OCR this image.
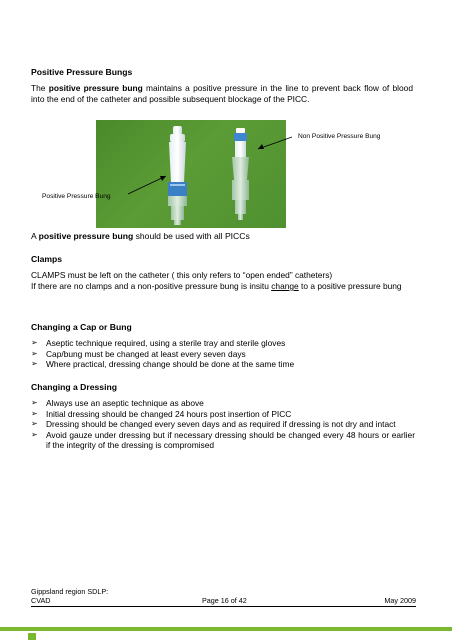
Positive Pressure Bungs
The positive pressure bung maintains a positive pressure in the line to prevent back flow of blood into the end of the catheter and possible subsequent blockage of the PICC.
A positive pressure bung should be used with all PICCs
Clamps
CLAMPS must be left on the catheter ( this only refers to “open ended” catheters)
If there are no clamps and a non-positive pressure bung is insitu change to a positive pressure bung
Changing a Cap or Bung
➢ Aseptic technique required, using a sterile tray and sterile gloves
➢ Cap/bung must be changed at least every seven days
➢ Where practical, dressing change should be done at the same time
Changing a Dressing
➢ Always use an aseptic technique as above
➢ Initial dressing should be changed 24 hours post insertion of PICC
➢ Dressing should be changed every seven days and as required if dressing is not dry and intact
➢ Avoid gauze under dressing but if necessary dressing should be changed every 48 hours or earlier if the integrity of the dressing is compromised
Non Positive Pressure Bung
Positive Pressure Bung
Gippsland region SDLP:
CVAD	Page 16 of 42	May 2009
